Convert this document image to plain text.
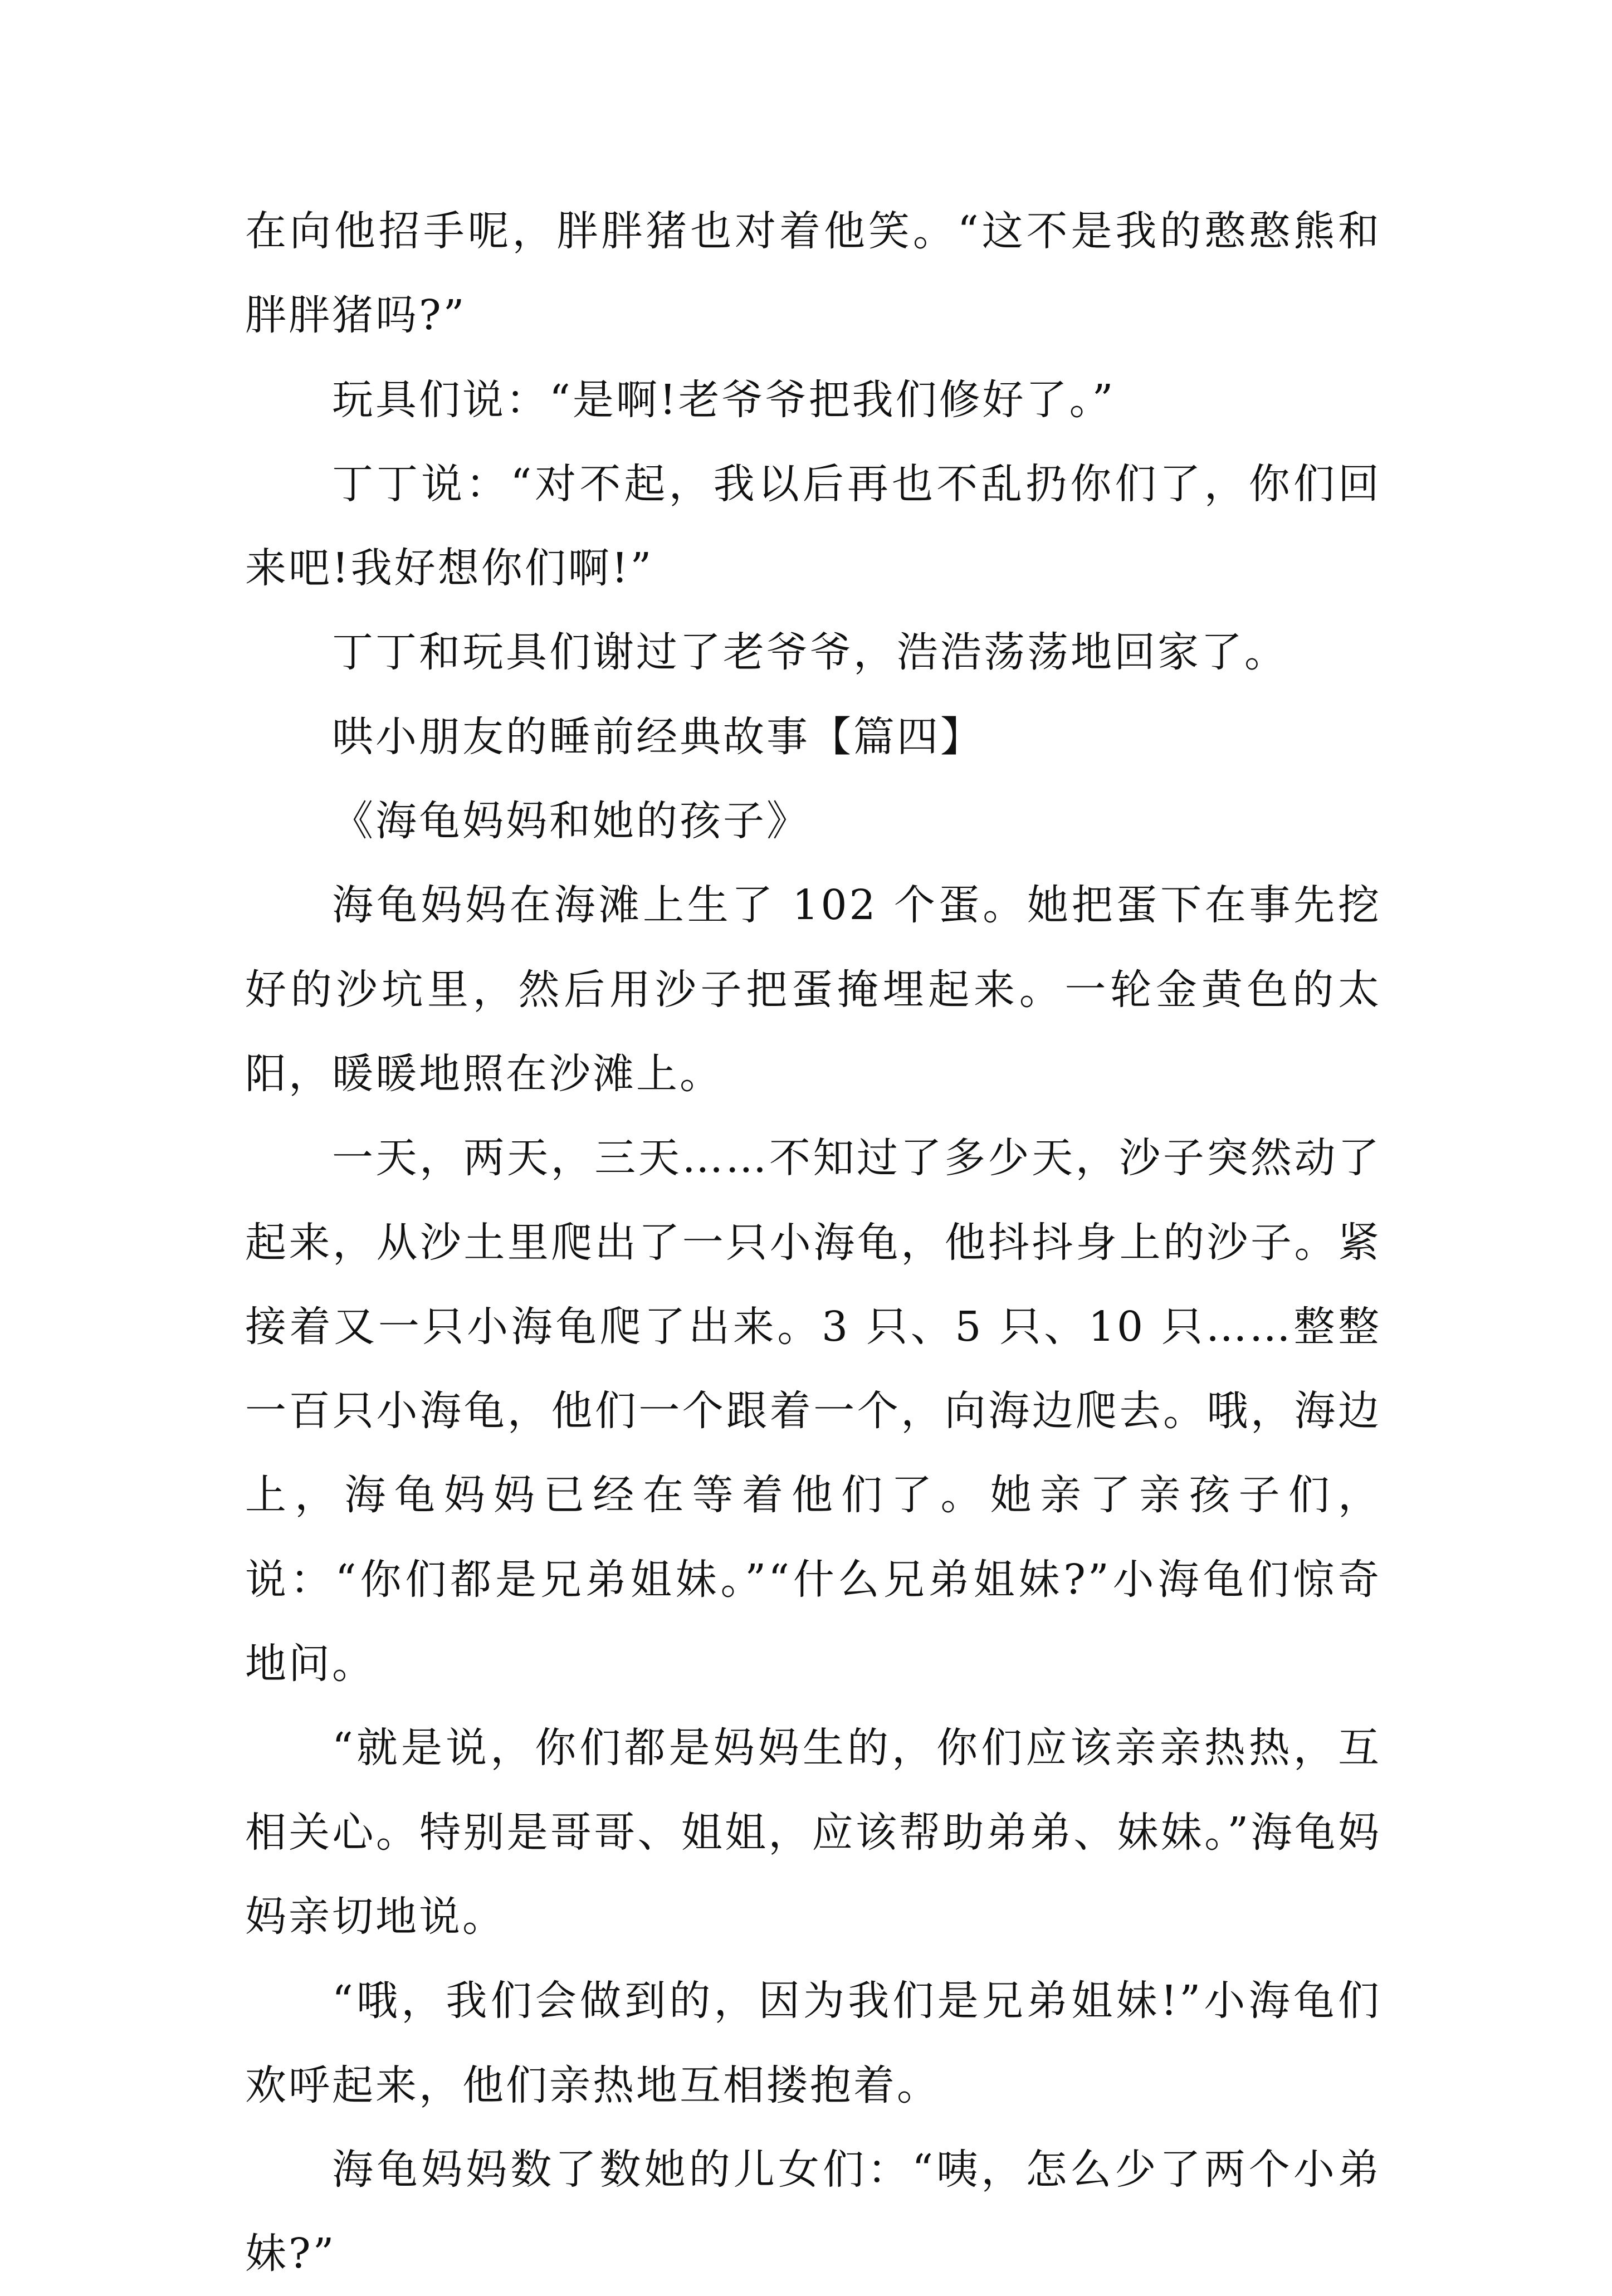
在向他招手呢，胖胖猪也对着他笑。“这不是我的憨憨熊和胖胖猪吗?”

玩具们说：“是啊!老爷爷把我们修好了。”

丁丁说：“对不起，我以后再也不乱扔你们了，你们回来吧!我好想你们啊!”

丁丁和玩具们谢过了老爷爷，浩浩荡荡地回家了。

哄小朋友的睡前经典故事【篇四】

《海龟妈妈和她的孩子》

海龟妈妈在海滩上生了 102 个蛋。她把蛋下在事先挖好的沙坑里，然后用沙子把蛋掩埋起来。一轮金黄色的太阳，暖暖地照在沙滩上。

一天，两天，三天……不知过了多少天，沙子突然动了起来，从沙土里爬出了一只小海龟，他抖抖身上的沙子。紧接着又一只小海龟爬了出来。3 只、5 只、10 只……整整一百只小海龟，他们一个跟着一个，向海边爬去。哦，海边上，海龟妈妈已经在等着他们了。她亲了亲孩子们，说：“你们都是兄弟姐妹。”“什么兄弟姐妹?”小海龟们惊奇地问。

“就是说，你们都是妈妈生的，你们应该亲亲热热，互相关心。特别是哥哥、姐姐，应该帮助弟弟、妹妹。”海龟妈妈亲切地说。

“哦，我们会做到的，因为我们是兄弟姐妹!”小海龟们欢呼起来，他们亲热地互相搂抱着。

海龟妈妈数了数她的儿女们：“咦，怎么少了两个小弟妹?”
